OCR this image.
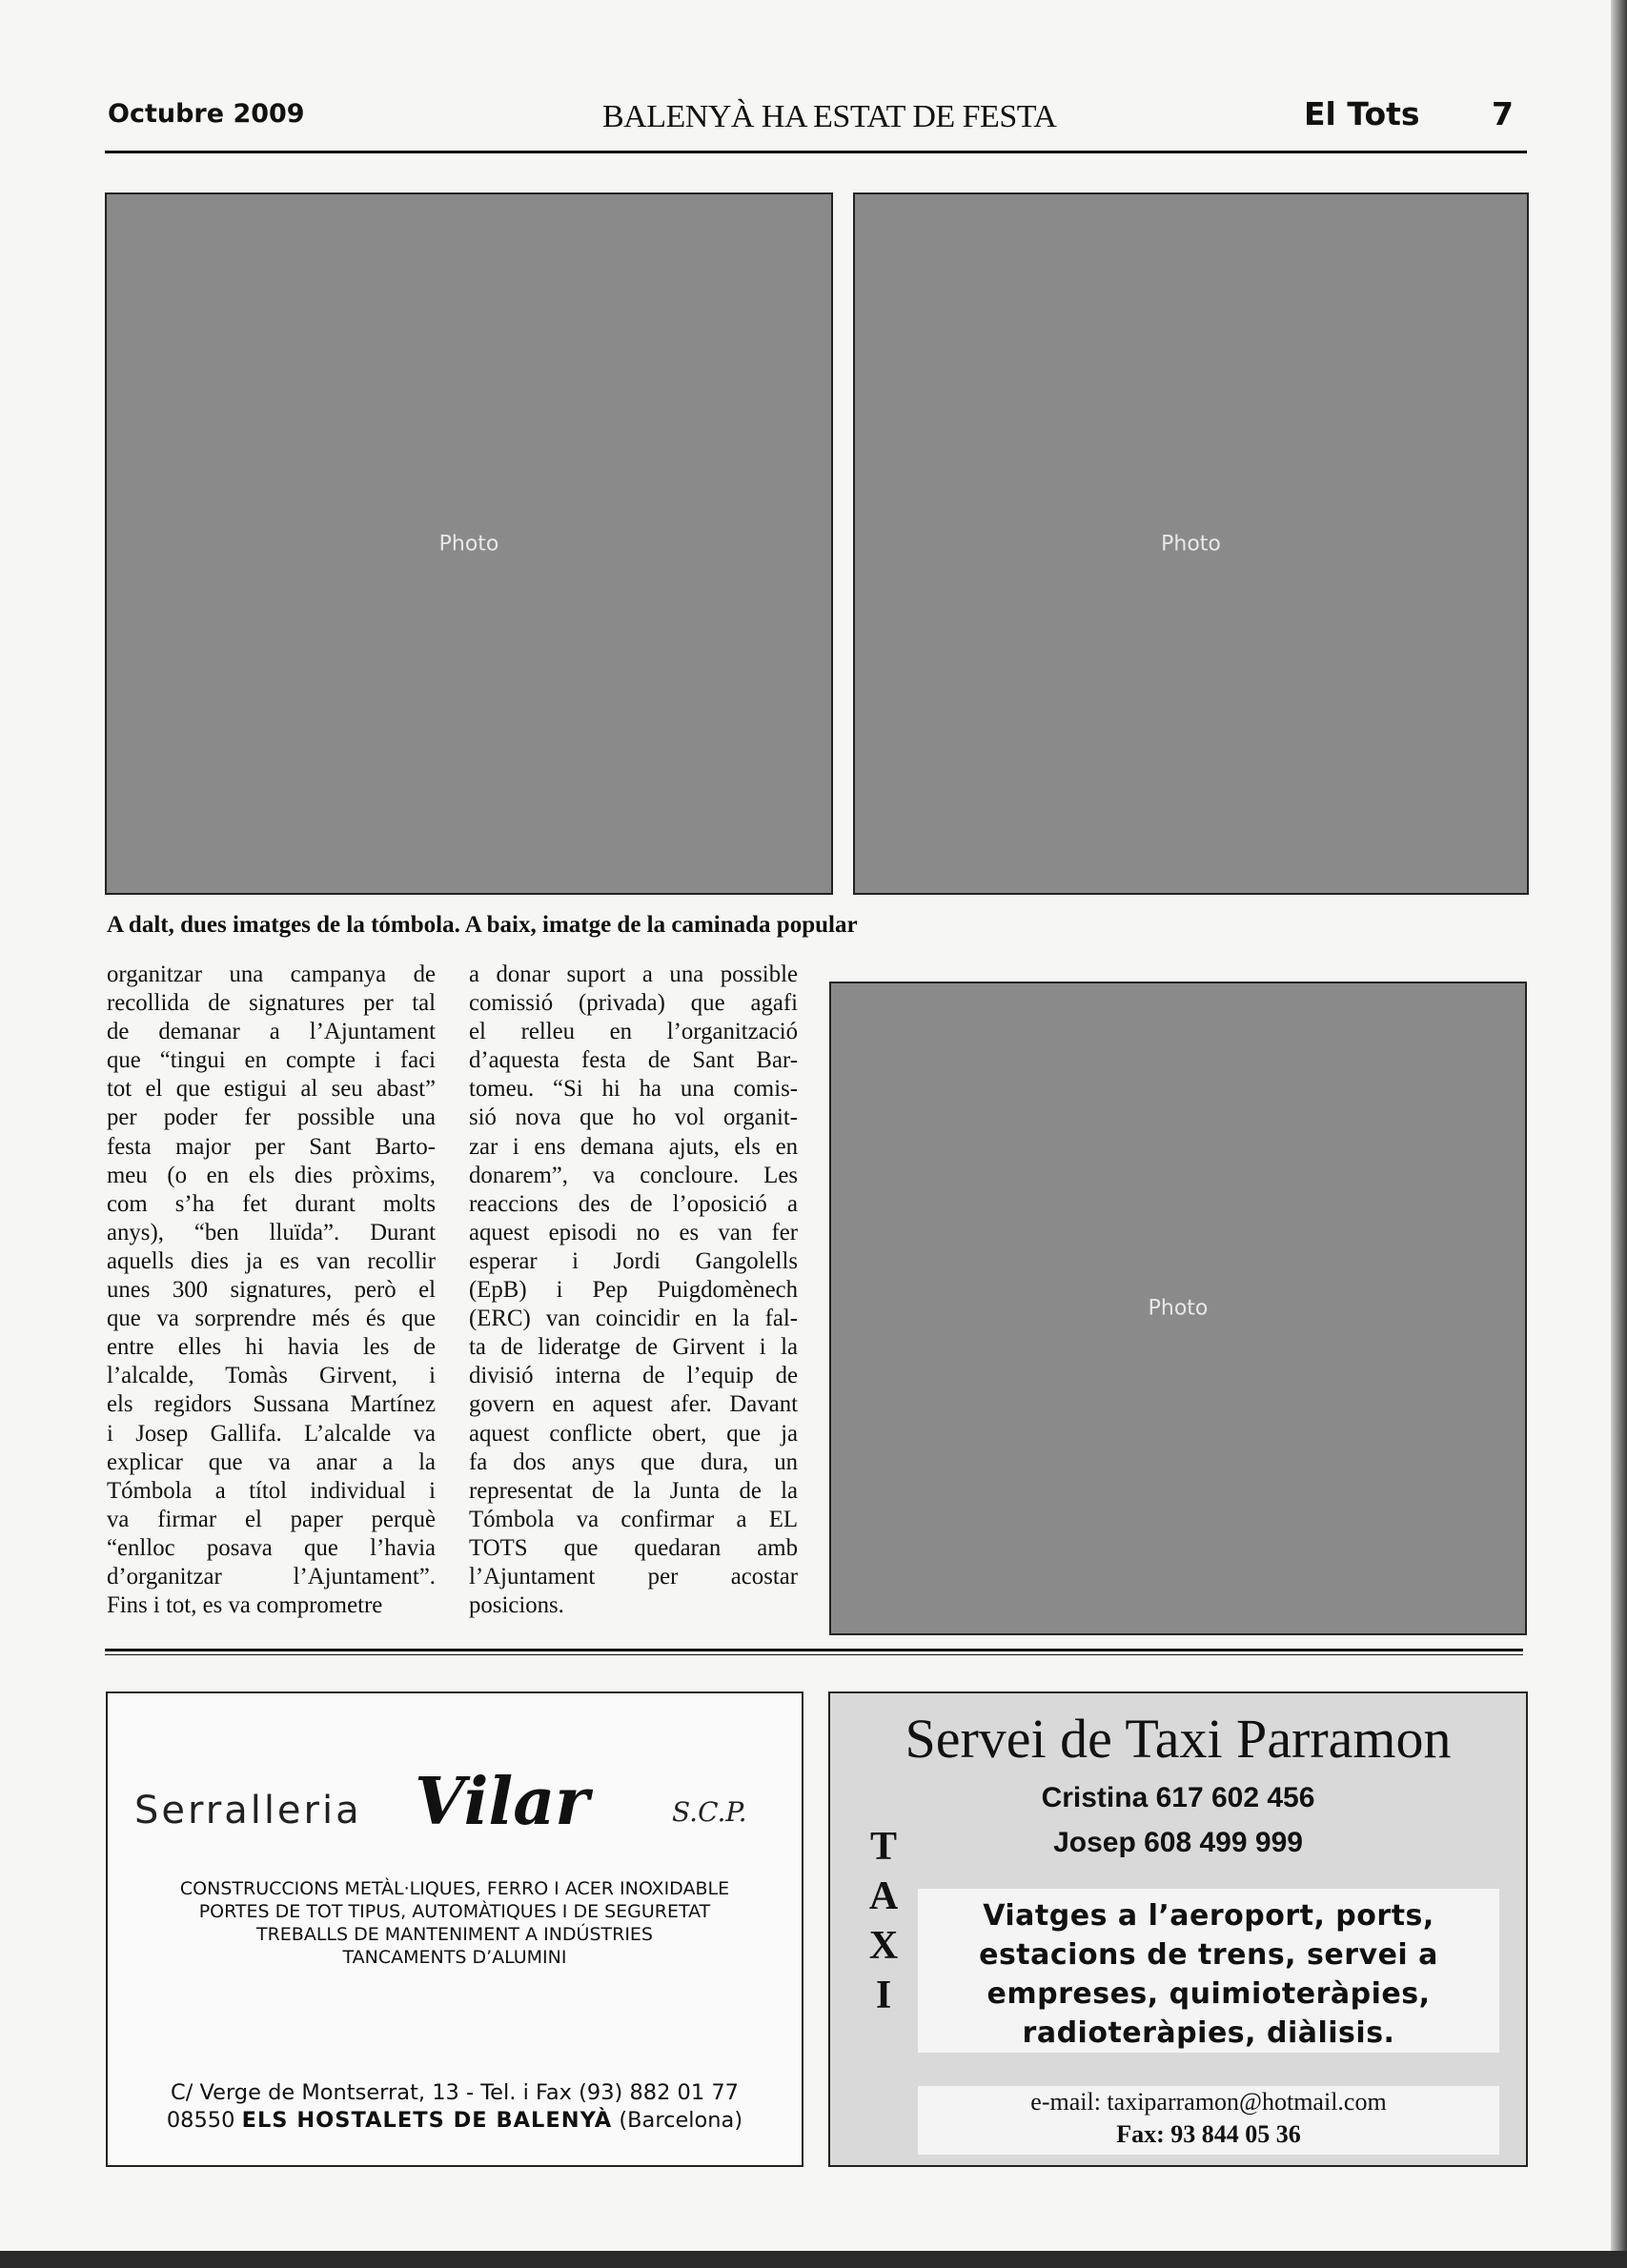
Octubre 2009	BALENYÀ HA ESTAT DE FESTA	El Tots 7
Photo	Photo
A dalt, dues imatges de la tómbola. A baix, imatge de la caminada popular
organitzar una campanya de
recollida de signatures per tal
de demanar a l’Ajuntament
que “tingui en compte i faci
tot el que estigui al seu abast”
per poder fer possible una
festa major per Sant Barto-
meu (o en els dies pròxims,
com s’ha fet durant molts
anys), “ben lluïda”. Durant
aquells dies ja es van recollir
unes 300 signatures, però el
que va sorprendre més és que
entre elles hi havia les de
l’alcalde, Tomàs Girvent, i
els regidors Sussana Martínez
i Josep Gallifa. L’alcalde va
explicar que va anar a la
Tómbola a títol individual i
va firmar el paper perquè
“enlloc posava que l’havia
d’organitzar l’Ajuntament”.
Fins i tot, es va comprometre
a donar suport a una possible
comissió (privada) que agafi
el relleu en l’organització
d’aquesta festa de Sant Bar-
tomeu. “Si hi ha una comis-
sió nova que ho vol organit-
zar i ens demana ajuts, els en
donarem”, va concloure. Les
reaccions des de l’oposició a
aquest episodi no es van fer
esperar i Jordi Gangolells
(EpB) i Pep Puigdomènech
(ERC) van coincidir en la fal-
ta de lideratge de Girvent i la
divisió interna de l’equip de
govern en aquest afer. Davant
aquest conflicte obert, que ja
fa dos anys que dura, un
representat de la Junta de la
Tómbola va confirmar a EL
TOTS que quedaran amb
l’Ajuntament per acostar
posicions.
Photo
Serralleria Vilar	S.C.P.
CONSTRUCCIONS METÀL·LIQUES, FERRO I ACER INOXIDABLE
PORTES DE TOT TIPUS, AUTOMÀTIQUES I DE SEGURETAT
TREBALLS DE MANTENIMENT A INDÚSTRIES
TANCAMENTS D’ALUMINI
C/ Verge de Montserrat, 13 - Tel. i Fax (93) 882 01 77
08550 ELS HOSTALETS DE BALENYÀ (Barcelona)
Servei de Taxi Parramon
Cristina 617 602 456
Josep 608 499 999
T
A
X
I
Viatges a l’aeroport, ports,
estacions de trens, servei a
empreses, quimioteràpies,
radioteràpies, diàlisis.
e-mail: taxiparramon@hotmail.com
Fax: 93 844 05 36
